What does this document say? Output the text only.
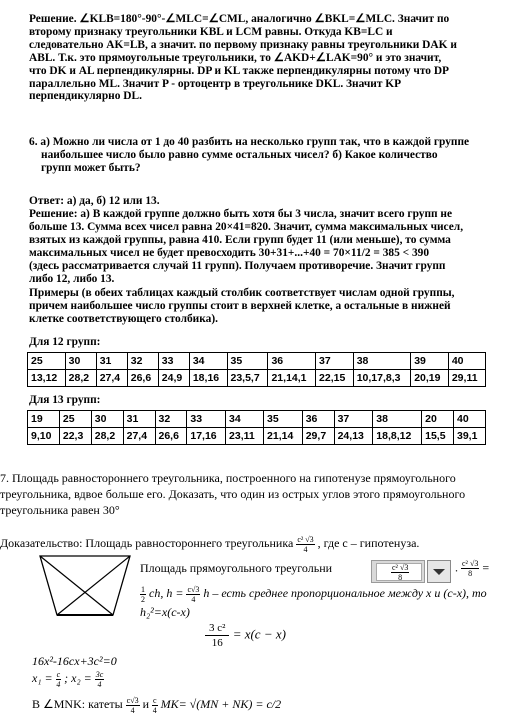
Решение. ∠KLB=180°-90°-∠MLC=∠CML, аналогично ∠BKL=∠MLC. Значит по
второму признаку треугольники KBL и LCM равны. Откуда KB=LC и
следовательно AK=LB, а значит. по первому признаку равны треугольники DAK и
ABL. Т.к. это прямоугольные треугольники, то ∠AKD+∠LAK=90° и это значит,
что DK и AL перпендикулярны. DP и KL также перпендикулярны потому что DP
параллельно ML. Значит P - ортоцентр в треугольнике DKL. Значит KP
перпендикулярно DL.
6. а) Можно ли числа от 1 до 40 разбить на несколько групп так, что в каждой группе
наибольшее число было равно сумме остальных чисел? б) Какое количество
групп может быть?
Ответ: а) да, б) 12 или 13.
Решение: а) В каждой группе должно быть хотя бы 3 числа, значит всего групп не
больше 13. Сумма всех чисел равна 20×41=820. Значит, сумма максимальных чисел,
взятых из каждой группы, равна 410. Если групп будет 11 (или меньше), то сумма
максимальных чисел не будет превосходить 30+31+...+40 = 70×11/2 = 385 < 390
(здесь рассматривается случай 11 групп). Получаем противоречие. Значит групп
либо 12, либо 13.
Примеры (в обеих таблицах каждый столбик соответствует числам одной группы,
причем наибольшее число группы стоит в верхней клетке, а остальные в нижней
клетке соответствующего столбика).
Для 12 групп:
25	30	31	32	33	34	35	36	37	38	39	40
13,12	28,2	27,4	26,6	24,9	18,16	23,5,7	21,14,1	22,15	10,17,8,3	20,19	29,11
Для 13 групп:
19	25	30	31	32	33	34	35	36	37	38	20	40
9,10	22,3	28,2	27,4	26,6	17,16	23,11	21,14	29,7	24,13	18,8,12	15,5	39,1
7. Площадь равностороннего треугольника, построенного на гипотенузе прямоугольного
треугольника, вдвое больше его. Доказать, что один из острых углов этого прямоугольного
треугольника равен 30°
Доказательство: Площадь равностороннего треугольника $\frac{\text{c² √3}}{4}$ , где с – гипотенуза.
Площадь прямоугольного треугольни	$\frac{\text{c² √3}}{8}$	. $\frac{\text{c² √3}}{8}$ =
$\frac{1}{2}$ ch, $h = \frac{c√3}{4}$ h – есть среднее пропорциональное между x и (c-x), то
h₂²=x(c-x)
$\frac{\text{3 c²}}{16} = x(c - x)$
16x²-16cx+3c²=0
$x_1 = \frac{c}{4}$ ; $x_2 = \frac{3c}{4}$
В ∠MNK: катеты $\frac{c√3}{4}$ и $\frac{c}{4} MK= √(MN + NK) = c/2$
